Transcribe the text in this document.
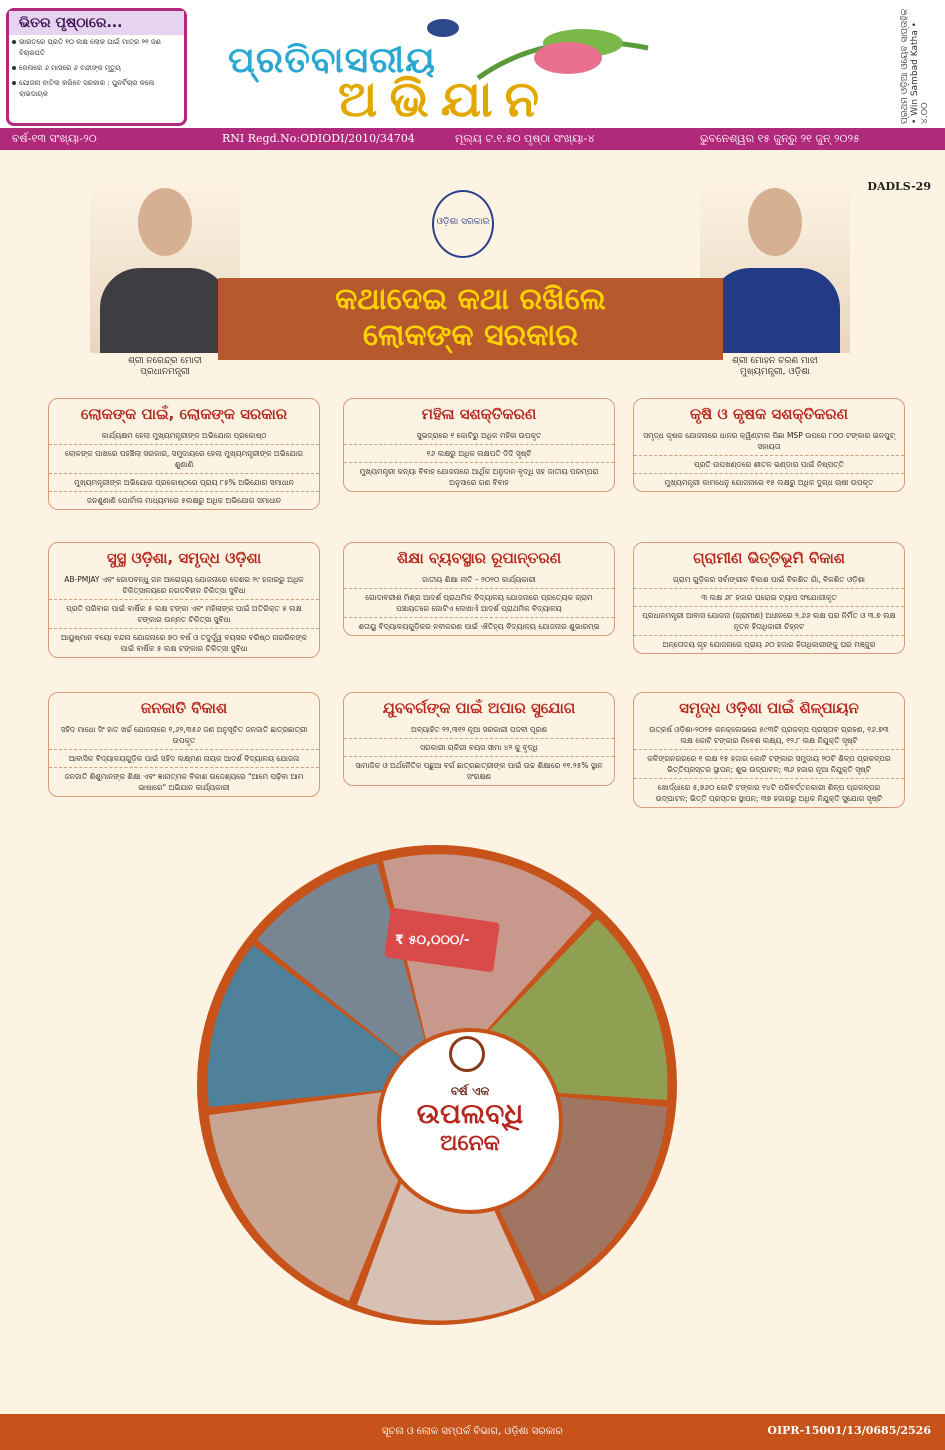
ଭିତର ପୃଷ୍ଠାରେ...
ଭାରତରେ ପ୍ରତି ୧୦ ଲକ୍ଷ ଲୋକ ପାଇଁ ମାତ୍ର ୨୧ ଜଣ ବିଚାରପତି
ଜେଲରେ ୬ ମାସରେ ୬ ବନ୍ଦୀଙ୍କ ମୃତ୍ୟୁ
ଯୋଜନା ବାତିଲ କରିବେ ସରକାର : ପୁନର୍ବିଚାର କଲେ ଲାଭଦାୟକ
ପ୍ରତିବାସରୀୟ
ଅଭିଯାନ	ପ୍ରଥମ ଓଡ଼ିଆ ଓୟେବ ସାପ୍ତାହିକ • Win Sambad Katha • ୪.୦୦
ବର୍ଷ-୧୩ ସଂଖ୍ୟା-୨୦	RNI Regd.No:ODIODI/2010/34704	ମୂଲ୍ୟ ଟ.୧.୫୦ ପୃଷ୍ଠା ସଂଖ୍ୟା-୪	ଭୁବନେଶ୍ୱର ୧୫ ଜୁନ୍‌ରୁ ୨୧ ଜୁନ୍ ୨୦୨୫
DADLS-29
ଓଡ଼ିଶା ସରକାର
ଶ୍ରୀ ନରେନ୍ଦ୍ର ମୋଦୀ
ପ୍ରଧାନମନ୍ତ୍ରୀ
ଶ୍ରୀ ମୋହନ ଚରଣ ମାଝୀ
ମୁଖ୍ୟମନ୍ତ୍ରୀ, ଓଡ଼ିଶା
କଥାଦେଇ କଥା ରଖିଲେ
ଲୋକଙ୍କ ସରକାର
ଲୋକଙ୍କ ପାଇଁ, ଲୋକଙ୍କ ସରକାର
କାର୍ଯ୍ୟକ୍ଷମ ହେଲା ମୁଖ୍ୟମନ୍ତ୍ରୀଙ୍କ ଅଭିଯୋଗ ପ୍ରକୋଷ୍ଠ
ଲୋକଙ୍କ ପାଖରେ ପହଞ୍ଚିଲା ସରକାର, ସମୁଦାୟରେ ହେଲା ମୁଖ୍ୟମନ୍ତ୍ରୀଙ୍କ ଅଭିଯୋଗ ଶୁଣାଣି
ମୁଖ୍ୟମନ୍ତ୍ରୀଙ୍କ ଅଭିଯୋଗ ପ୍ରକୋଷ୍ଠରେ ପ୍ରାୟ ୮୫% ଅଭିଯୋଗ ସମାଧାନ
ଜନଶୁଣାଣି ପୋର୍ଟାଲ ମାଧ୍ୟମରେ ୫ଲକ୍ଷରୁ ଅଧିକ ଅଭିଯୋଗ ସମାଧାନ
ମହିଳା ସଶକ୍ତିକରଣ
ସୁଭଦ୍ରାରେ ୧ କୋଟିରୁ ଅଧିକ ମହିଳା ଉପକୃତ
୧୬ ଲକ୍ଷରୁ ଅଧିକ ଲକ୍ଷପତି ଦିଦି ସୃଷ୍ଟି
ମୁଖ୍ୟମନ୍ତ୍ରୀ କନ୍ୟା ବିବାହ ଯୋଜନାରେ ଆର୍ଥିକ ଅନୁଦାନ ବୃଦ୍ଧି ସହ ଜାତୀୟ ପରମ୍ପରା ଅନୁସାରେ ଗଣ ବିବାହ
କୃଷି ଓ କୃଷକ ସଶକ୍ତିକରଣ
ସମୃଦ୍ଧ କୃଷକ ଯୋଜନାରେ ଧାନର କ୍ୱିଣ୍ଟାଲ ପିଛା MSP ଉପରେ ୮୦୦ ଟଙ୍କାର ଇନପୁଟ୍ ସହାୟତା
ପ୍ରତି ଉପଖଣ୍ଡରେ ଶୀତଳ ଭଣ୍ଡାର ପାଇଁ ନିଷ୍ପତ୍ତି
ମୁଖ୍ୟମନ୍ତ୍ରୀ କାମଧେନୁ ଯୋଜନାରେ ୧୫ ଲକ୍ଷରୁ ଅଧିକ ଦୁଗ୍ଧ ଚାଷୀ ଉପକୃତ
ସୁସ୍ଥ ଓଡ଼ିଶା, ସମୃଦ୍ଧ ଓଡ଼ିଶା
AB-PMJAY ଏବଂ ଗୋପବନ୍ଧୁ ଜନ ଆରୋଗ୍ୟ ଯୋଜନାରେ ଦେଶର ୨୯ ହଜାରରୁ ଅଧିକ ଚିକିତ୍ସାଳୟରେ ନଗଦବିହୀନ ଚିକିତ୍ସା ସୁବିଧା
ପ୍ରତି ପରିବାର ପାଇଁ ବାର୍ଷିକ ୫ ଲକ୍ଷ ଟଙ୍କା ଏବଂ ମହିଳାଙ୍କ ପାଇଁ ଅତିରିକ୍ତ ୫ ଲକ୍ଷ ଟଙ୍କାର ଉନ୍ନତ ଚିକିତ୍ସା ସୁବିଧା
ଆୟୁଷ୍ମାନ ବୟୋ ବନ୍ଦନା ଯୋଜନାରେ ୭୦ ବର୍ଷ ଓ ତଦୁର୍ଦ୍ଧ୍ୱ ବୟସର ବରିଷ୍ଠ ନାଗରିକଙ୍କ ପାଇଁ ବାର୍ଷିକ ୫ ଲକ୍ଷ ଟଙ୍କାର ଚିକିତ୍ସା ସୁବିଧା
ଶିକ୍ଷା ବ୍ୟବସ୍ଥାର ରୂପାନ୍ତରଣ
ଜାତୀୟ ଶିକ୍ଷା ନୀତି – ୨୦୨୦ କାର୍ଯ୍ୟକାରୀ
ଗୋଦାବରୀଶ ମିଶ୍ର ଆଦର୍ଶ ପ୍ରାଥମିକ ବିଦ୍ୟାଳୟ ଯୋଜନାରେ ପ୍ରତ୍ୟେକ ଗ୍ରାମ ପଞ୍ଚାୟତରେ ଗୋଟିଏ ଲେଖାଏଁ ଆଦର୍ଶ ପ୍ରାଥମିକ ବିଦ୍ୟାଳୟ
ଶତାୟୁ ବିଦ୍ୟାଳୟଗୁଡ଼ିକର ନବୀକରଣ ପାଇଁ ଐତିହ୍ୟ ବିଦ୍ୟାଳୟ ଯୋଜନାର ଶୁଭାରମ୍ଭ
ଗ୍ରାମୀଣ ଭିତ୍ତିଭୂମି ବିକାଶ
ଗ୍ରାମ ଗୁଡ଼ିକର ସର୍ବାଙ୍ଗୀନ ବିକାଶ ପାଇଁ ବିକଶିତ ଗାଁ, ବିକଶିତ ଓଡ଼ିଶା
୩ ଲକ୍ଷ ୬୮ ହଜାର ଘରୋଇ ଟ୍ୟାପ ସଂଯୋଗୀକୃତ
ପ୍ରଧାନମନ୍ତ୍ରୀ ଆବାସ ଯୋଜନା (ଗ୍ରାମୀଣ) ଅଧୀନରେ ୨.୬୬ ଲକ୍ଷ ଘର ନିର୍ମିତ ଓ ୩.୭ ଲକ୍ଷ ନୂତନ ହିତାଧିକାରୀ ଚିହ୍ନଟ
ଅନ୍ତୋଦୟ ଗୃହ ଯୋଜନାରେ ପ୍ରାୟ ୬୦ ହଜାର ହିତାଧିକାରୀଙ୍କୁ ଘର ମଞ୍ଜୁର
ଜନଜାତି ବିକାଶ
ସହିଦ ମାଧୋ ସିଂ ହାତ ଖର୍ଚ୍ଚ ଯୋଜନାରେ ୧,୬୨,୩୫୬ ଜଣ ଅନୁସୂଚିତ ଜନଜାତି ଛାତ୍ରଛାତ୍ରୀ ଉପକୃତ
ଆବାସିକ ବିଦ୍ୟାଳୟଗୁଡ଼ିକ ପାଇଁ ସହିଦ ଲକ୍ଷ୍ମଣ ନାୟକ ଆଦର୍ଶ ବିଦ୍ୟାଳୟ ଯୋଜନା
ଜନଜାତି ଶିଶୁମାନଙ୍କ ଶିକ୍ଷା ଏବଂ ଜ୍ଞାନାତ୍ମକ ବିକାଶ ଉଦ୍ଦେଶ୍ୟରେ "ଆମେ ପଢ଼ିବା ଆମ ଭାଷାରେ" ଅଭିଯାନ କାର୍ଯ୍ୟକାରୀ
ଯୁବବର୍ଗଙ୍କ ପାଇଁ ଅପାର ସୁଯୋଗ
ଅବ୍ୟାହିତ ୨୨,୩୧୨ ନୂଆ ସରକାରୀ ପଦବୀ ପୂରଣ
ସରକାରୀ ଚାକିରୀ ବୟସ ସୀମା ୪୨ କୁ ବୃଦ୍ଧି
ସାମାଜିକ ଓ ଅର୍ଥନୈତିକ ପଛୁଆ ବର୍ଗ ଛାତ୍ରଛାତ୍ରୀଙ୍କ ପାଇଁ ଉଚ୍ଚ ଶିକ୍ଷାରେ ୧୧.୨୫% ସ୍ଥାନ ସଂରକ୍ଷଣ
ସମୃଦ୍ଧ ଓଡ଼ିଶା ପାଇଁ ଶିଳ୍ପାୟନ
ଉତ୍କର୍ଷ ଓଡ଼ିଶା-୨୦୨୫ କନକ୍ଲେଭରେ ୫୯୩ଟି ପ୍ରକଳ୍ପ ପ୍ରସ୍ତାବ ଗ୍ରହଣ, ୧୬.୭୩ ଲକ୍ଷ କୋଟି ଟଙ୍କାର ନିବେଶ ଲକ୍ଷ୍ୟ, ୧୨.୮ ଲକ୍ଷ ନିଯୁକ୍ତି ସୃଷ୍ଟି
କଳିଙ୍ଗନଗରରେ ୧ ଲକ୍ଷ ୧୫ ହଜାର କୋଟି ଟଙ୍କାର ସମୁଦାୟ ୨୦ଟି ଶିଳ୍ପ ପ୍ରକଳ୍ପର ଭିତ୍ତିପ୍ରସ୍ତର ସ୍ଥାପନ; ଶୁଭ ଉଦ୍‌ଘାଟନ; ୩୬ ହଜାର ନୂଆ ନିଯୁକ୍ତି ସୃଷ୍ଟି
ଖୋର୍ଦ୍ଧାରେ ୫,୭୬୦ କୋଟି ଟଙ୍କାର ୧୪ଟି ପରିବର୍ତ୍ତନକାରୀ ଶିଳ୍ପ ପ୍ରକଳ୍ପର ଉଦ୍‌ଘାଟନ; ଭିତ୍ତି ପ୍ରସ୍ତର ସ୍ଥାପନ; ୩୭ ହଜାରରୁ ଅଧିକ ନିଯୁକ୍ତି ସୁଯୋଗ ସୃଷ୍ଟି
₹ ୫୦,୦୦୦/-
ବର୍ଷ ଏକ
ଉପଲବ୍ଧି
ଅନେକ
ସୂଚନା ଓ ଲୋକ ସମ୍ପର୍କ ବିଭାଗ, ଓଡ଼ିଶା ସରକାର	OIPR-15001/13/0685/2526
